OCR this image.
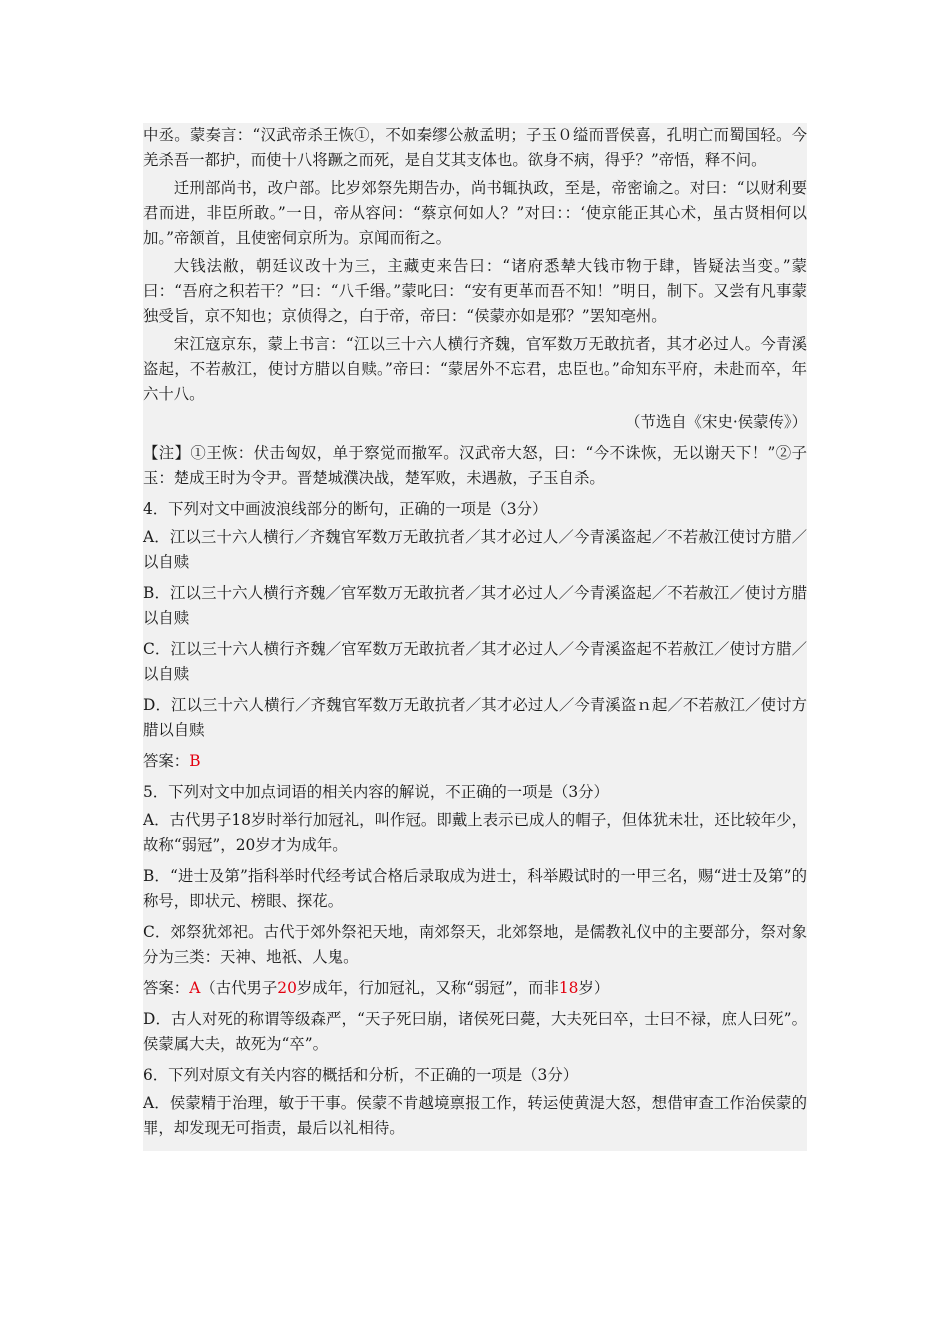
中丞。蒙奏言：“汉武帝杀王恢①，不如秦缪公赦孟明；子玉０缢而晋侯喜，孔明亡而蜀国轻。今羌杀吾一都护，而使十八将蹶之而死，是自艾其支体也。欲身不病，得乎？”帝悟，释不问。

迁刑部尚书，改户部。比岁郊祭先期告办，尚书辄执政，至是，帝密谕之。对曰：“以财利要君而进，非臣所敢。”一日，帝从容问：“蔡京何如人？”对曰：：‘使京能正其心术，虽古贤相何以加。”帝颔首，且使密伺京所为。京闻而衔之。

大钱法敝，朝廷议改十为三，主藏吏来告曰：“诸府悉辇大钱市物于肆，皆疑法当变。”蒙曰：“吾府之积若干？”曰：“八千缗。”蒙叱曰：“安有更革而吾不知！”明日，制下。又尝有凡事蒙独受旨，京不知也；京侦得之，白于帝，帝曰：“侯蒙亦如是邪？”罢知亳州。

宋江寇京东，蒙上书言：“江以三十六人横行齐魏，官军数万无敢抗者，其才必过人。今青溪盗起，不若赦江，使讨方腊以自赎。”帝曰：“蒙居外不忘君，忠臣也。”命知东平府，未赴而卒，年六十八。

（节选自《宋史·侯蒙传》）

【注】①王恢：伏击匈奴，单于察觉而撤军。汉武帝大怒，曰：“今不诛恢，无以谢天下！”②子玉：楚成王时为令尹。晋楚城濮决战，楚军败，未遇赦，子玉自杀。

4．下列对文中画波浪线部分的断句，正确的一项是（3分）

A．江以三十六人横行／齐魏官军数万无敢抗者／其才必过人／今青溪盗起／不若赦江使讨方腊／以自赎

B．江以三十六人横行齐魏／官军数万无敢抗者／其才必过人／今青溪盗起／不若赦江／使讨方腊以自赎

C．江以三十六人横行齐魏／官军数万无敢抗者／其才必过人／今青溪盗起不若赦江／使讨方腊／以自赎

D．江以三十六人横行／齐魏官军数万无敢抗者／其才必过人／今青溪盗ｎ起／不若赦江／使讨方腊以自赎

答案：B

5．下列对文中加点词语的相关内容的解说，不正确的一项是（3分）

A．古代男子18岁时举行加冠礼，叫作冠。即戴上表示已成人的帽子，但体犹未壮，还比较年少，故称“弱冠”，20岁才为成年。

B．“进士及第”指科举时代经考试合格后录取成为进士，科举殿试时的一甲三名，赐“进士及第”的称号，即状元、榜眼、探花。

C．郊祭犹郊祀。古代于郊外祭祀天地，南郊祭天，北郊祭地，是儒教礼仪中的主要部分，祭对象分为三类：天神、地祇、人鬼。

答案：A（古代男子20岁成年，行加冠礼，又称“弱冠”，而非18岁）

D．古人对死的称谓等级森严，“天子死曰崩，诸侯死曰薨，大夫死曰卒，士曰不禄，庶人曰死”。侯蒙属大夫，故死为“卒”。

6．下列对原文有关内容的概括和分析，不正确的一项是（3分）

A．侯蒙精于治理，敏于干事。侯蒙不肯越境禀报工作，转运使黄湜大怒，想借审查工作治侯蒙的罪，却发现无可指责，最后以礼相待。
